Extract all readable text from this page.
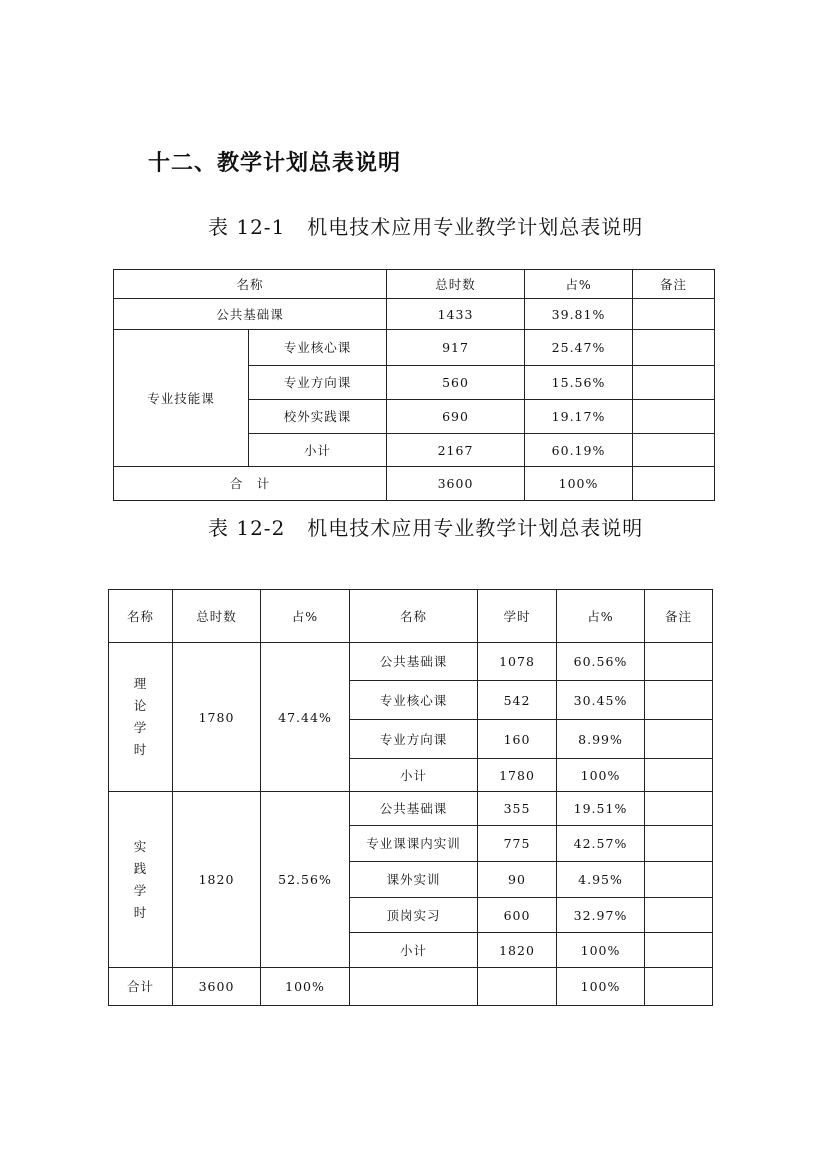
十二、教学计划总表说明
表 12-1 机电技术应用专业教学计划总表说明
名称		总时数	占%	备注
公共基础课		1433	39.81%	
专业技能课	专业核心课	917	25.47%	
	专业方向课	560	15.56%	
	校外实践课	690	19.17%	
	小计	2167	60.19%	
合　计		3600	100%	
表 12-2 机电技术应用专业教学计划总表说明
名称	总时数	占%	名称	学时	占%	备注
理论学时	1780	47.44%	公共基础课	1078	60.56%	
			专业核心课	542	30.45%	
			专业方向课	160	8.99%	
			小计	1780	100%	
实践学时	1820	52.56%	公共基础课	355	19.51%	
			专业课课内实训	775	42.57%	
			课外实训	90	4.95%	
			顶岗实习	600	32.97%	
			小计	1820	100%	
合计	3600	100%			100%	
